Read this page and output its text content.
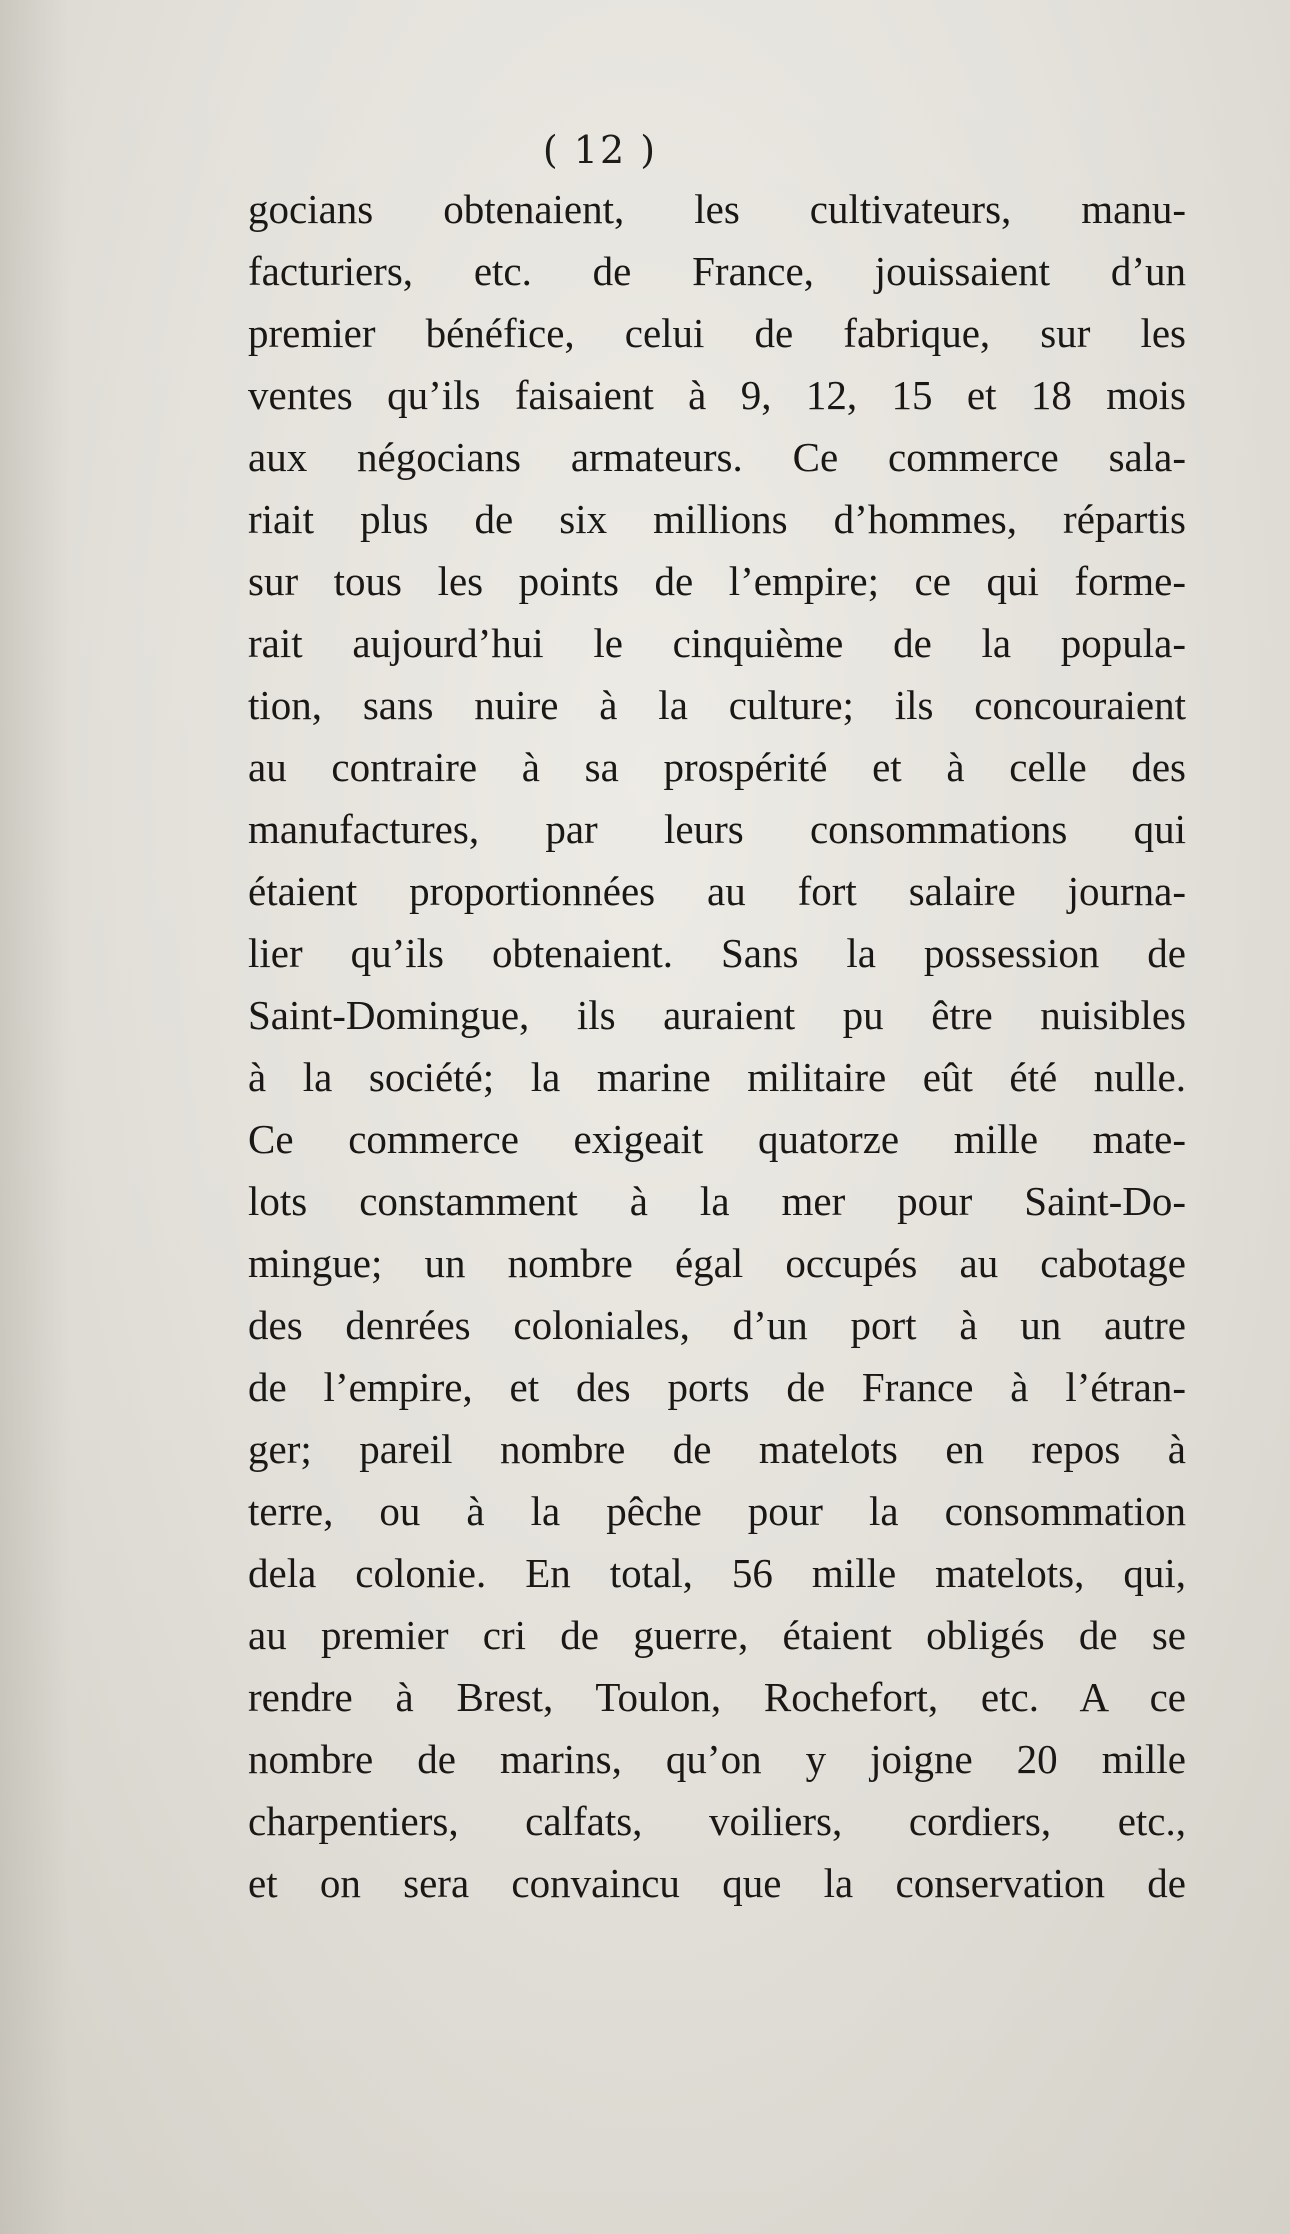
( 12 )
gocians obtenaient, les cultivateurs, manu-
facturiers, etc. de France, jouissaient d’un
premier bénéfice, celui de fabrique, sur les
ventes qu’ils faisaient à 9, 12, 15 et 18 mois
aux négocians armateurs. Ce commerce sala-
riait plus de six millions d’hommes, répartis
sur tous les points de l’empire; ce qui forme-
rait aujourd’hui le cinquième de la popula-
tion, sans nuire à la culture; ils concouraient
au contraire à sa prospérité et à celle des
manufactures, par leurs consommations qui
étaient proportionnées au fort salaire journa-
lier qu’ils obtenaient. Sans la possession de
Saint-Domingue, ils auraient pu être nuisibles
à la société; la marine militaire eût été nulle.
Ce commerce exigeait quatorze mille mate-
lots constamment à la mer pour Saint-Do-
mingue; un nombre égal occupés au cabotage
des denrées coloniales, d’un port à un autre
de l’empire, et des ports de France à l’étran-
ger; pareil nombre de matelots en repos à
terre, ou à la pêche pour la consommation
dela colonie. En total, 56 mille matelots, qui,
au premier cri de guerre, étaient obligés de se
rendre à Brest, Toulon, Rochefort, etc. A ce
nombre de marins, qu’on y joigne 20 mille
charpentiers, calfats, voiliers, cordiers, etc.,
et on sera convaincu que la conservation de
